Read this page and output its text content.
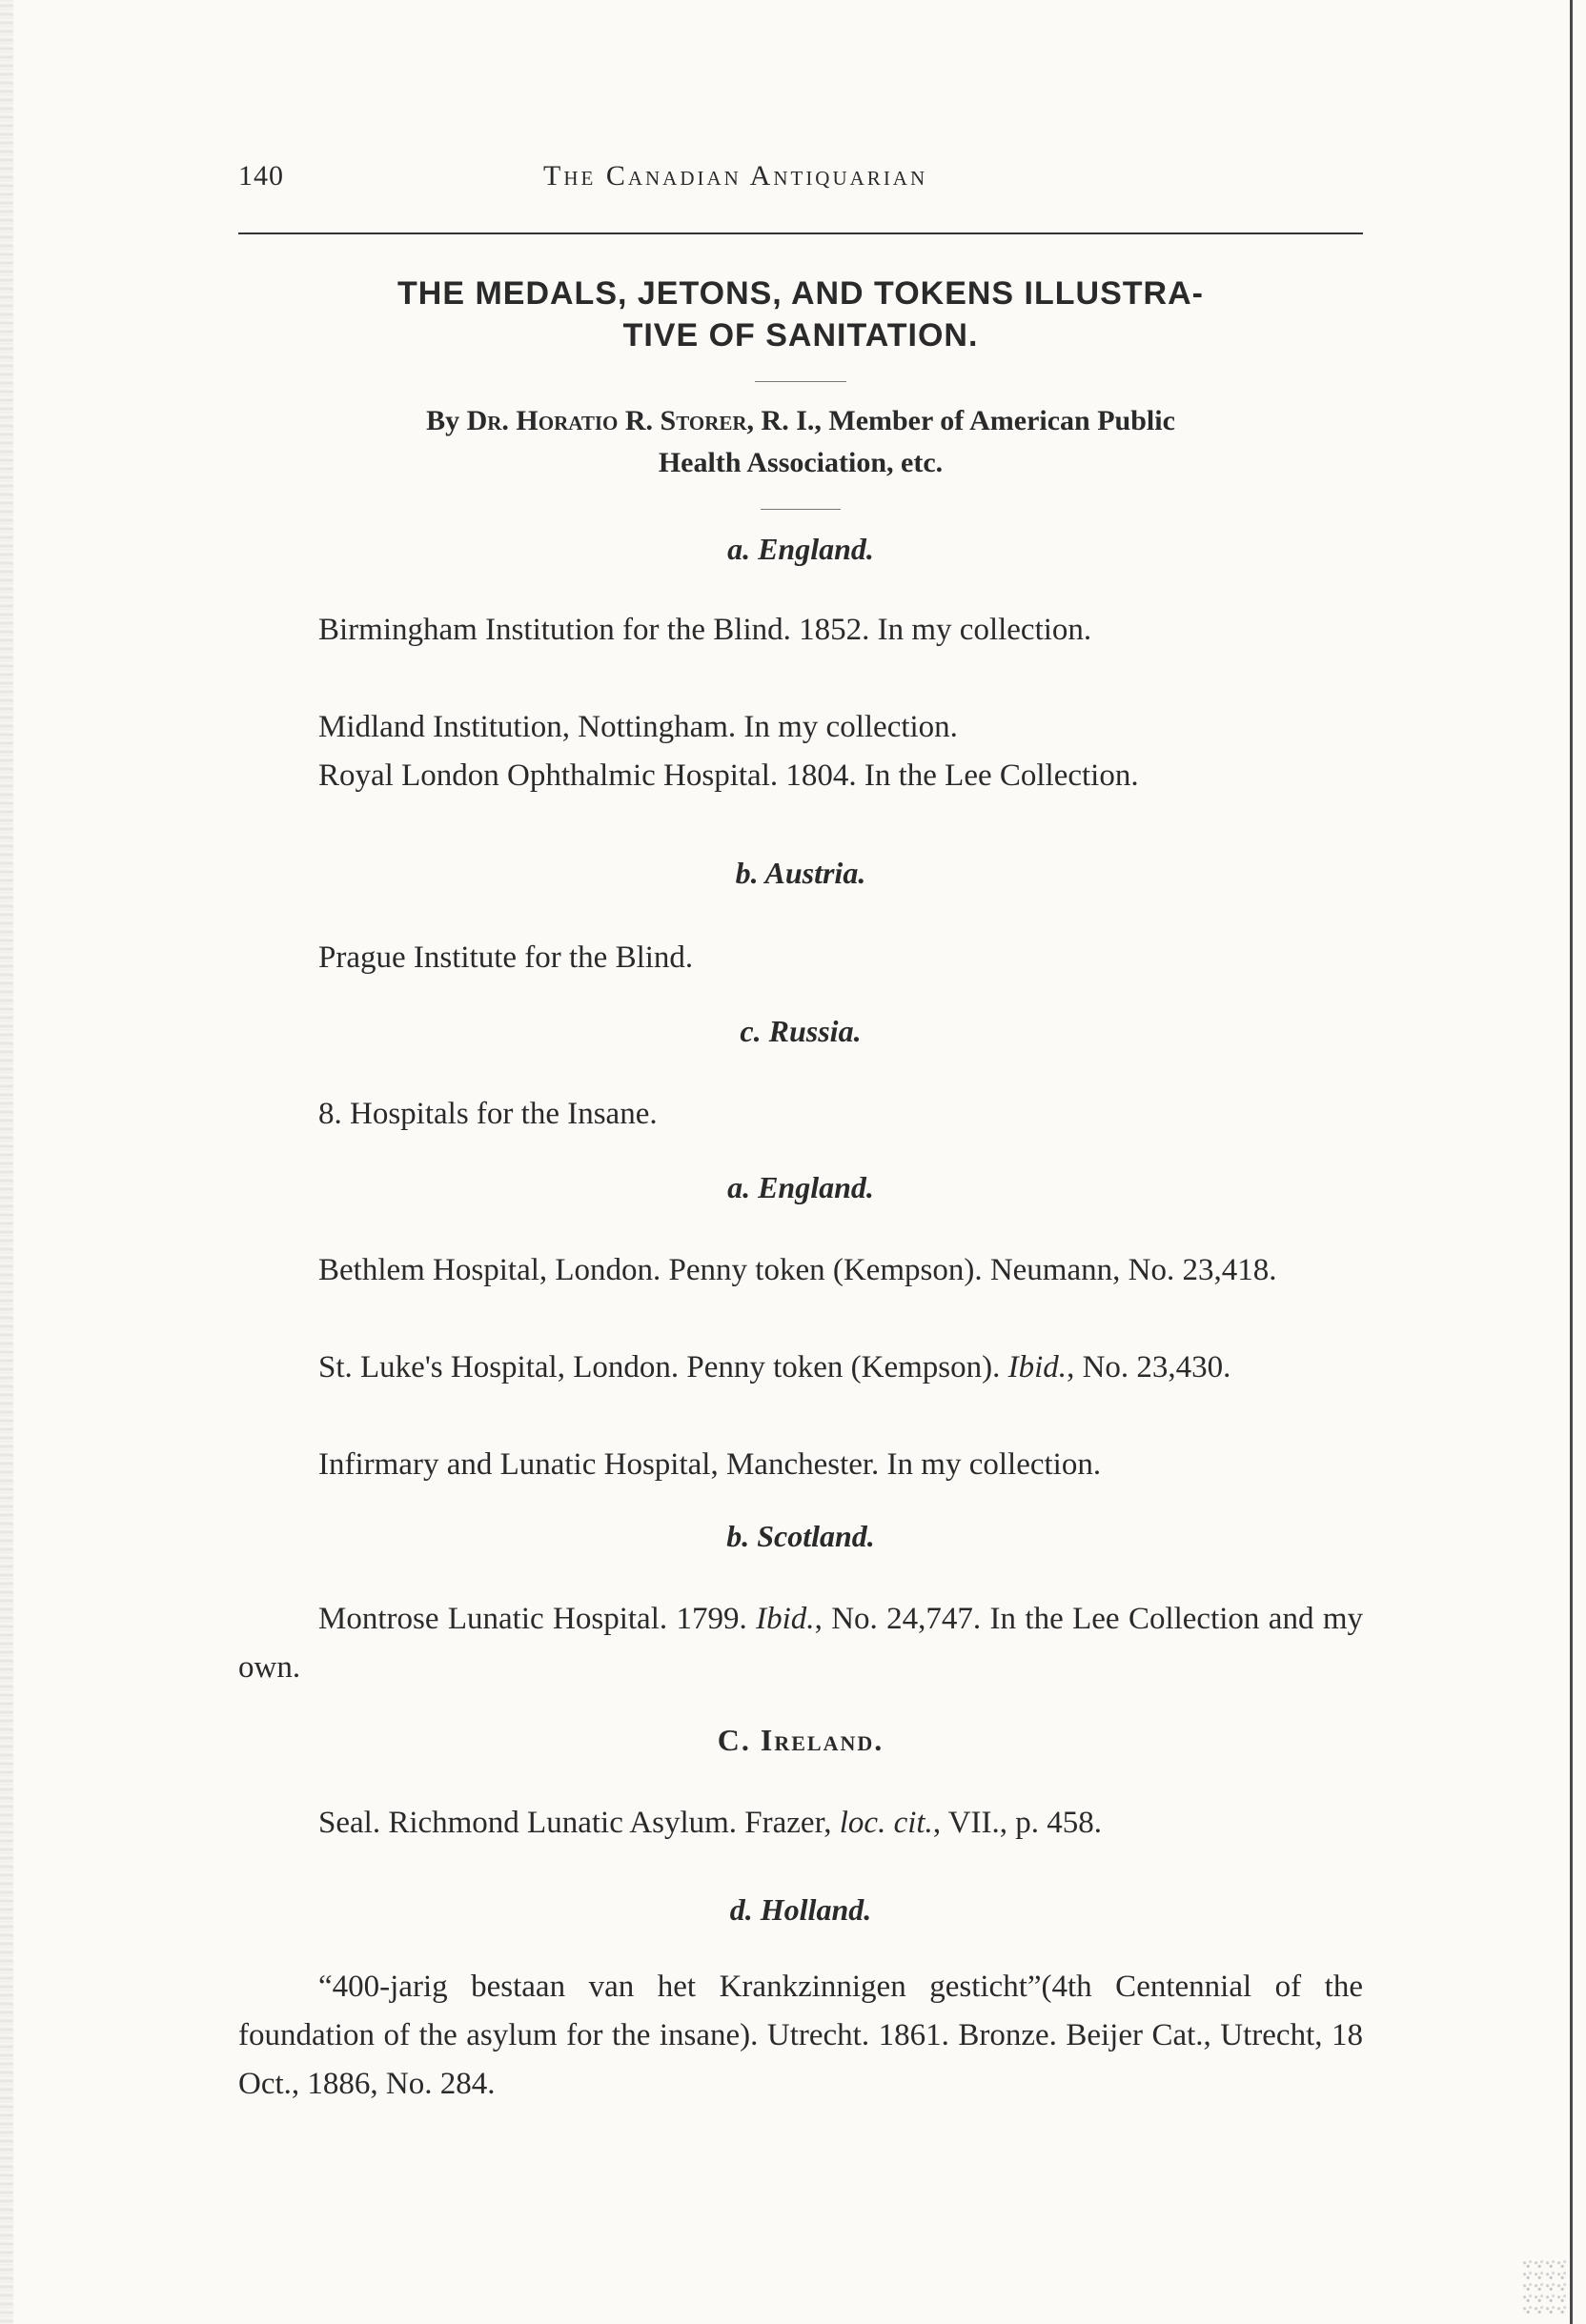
140	The Canadian Antiquarian
THE MEDALS, JETONS, AND TOKENS ILLUSTRA-
TIVE OF SANITATION.

By Dr. Horatio R. Storer, R. I., Member of American Public
Health Association, etc.

a. England.

Birmingham Institution for the Blind. 1852. In my collection.

Midland Institution, Nottingham. In my collection.

Royal London Ophthalmic Hospital. 1804. In the Lee Collection.

b. Austria.

Prague Institute for the Blind.

c. Russia.

8. Hospitals for the Insane.

a. England.

Bethlem Hospital, London. Penny token (Kempson). Neumann, No. 23,418.

St. Luke's Hospital, London. Penny token (Kempson). Ibid., No. 23,430.

Infirmary and Lunatic Hospital, Manchester. In my collection.

b. Scotland.

Montrose Lunatic Hospital. 1799. Ibid., No. 24,747. In the Lee Collection and my own.

C. Ireland.

Seal. Richmond Lunatic Asylum. Frazer, loc. cit., VII., p. 458.

d. Holland.

“400-jarig bestaan van het Krankzinnigen gesticht”(4th Centennial of the foundation of the asylum for the insane). Utrecht. 1861. Bronze. Beijer Cat., Utrecht, 18 Oct., 1886, No. 284.
